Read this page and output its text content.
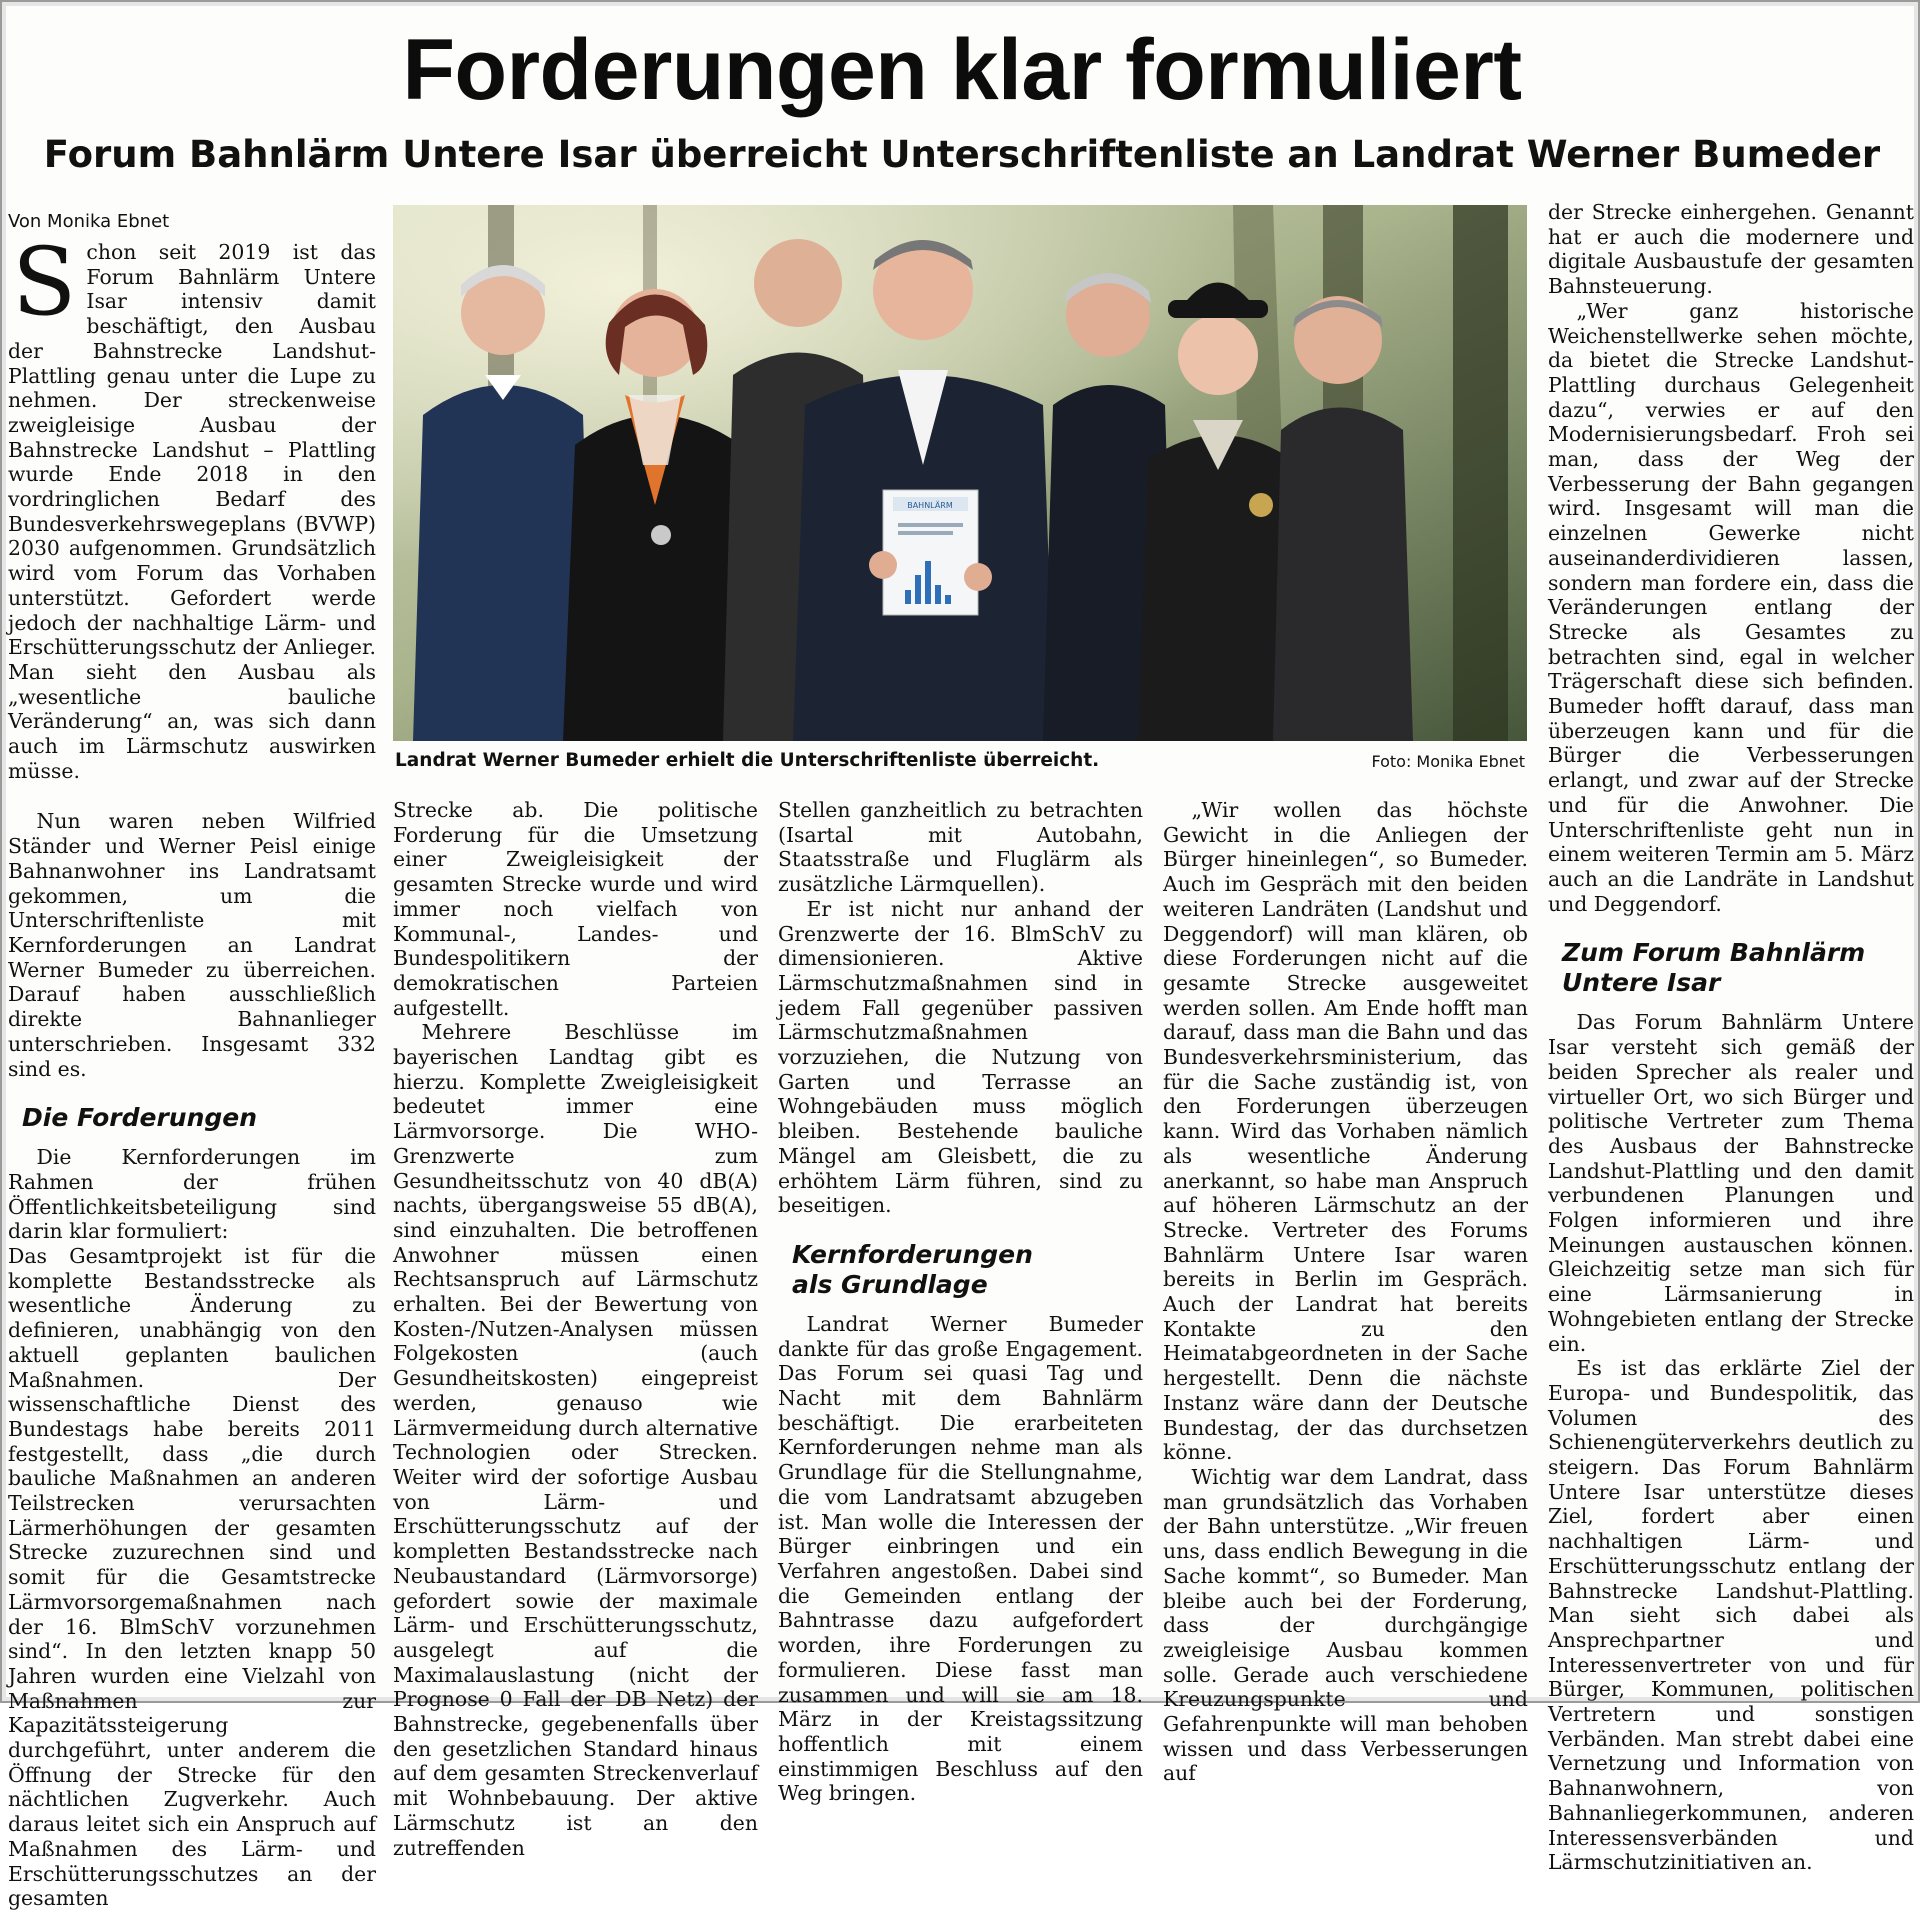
Forderungen klar formuliert
Forum Bahnlärm Untere Isar überreicht Unterschriftenliste an Landrat Werner Bumeder
Von Monika Ebnet

Schon seit 2019 ist das Forum Bahnlärm Untere Isar intensiv damit beschäftigt, den Ausbau der Bahnstrecke Landshut-Plattling genau unter die Lupe zu nehmen. Der streckenweise zweigleisige Ausbau der Bahnstrecke Landshut – Plattling wurde Ende 2018 in den vordringlichen Bedarf des Bundesverkehrswegeplans (BVWP) 2030 aufgenommen. Grundsätzlich wird vom Forum das Vorhaben unterstützt. Gefordert werde jedoch der nachhaltige Lärm- und Erschütterungsschutz der Anlieger. Man sieht den Ausbau als „wesentliche bauliche Veränderung“ an, was sich dann auch im Lärmschutz auswirken müsse.

Nun waren neben Wilfried Ständer und Werner Peisl einige Bahnanwohner ins Landratsamt gekommen, um die Unterschriftenliste mit Kernforderungen an Landrat Werner Bumeder zu überreichen. Darauf haben ausschließlich direkte Bahnanlieger unterschrieben. Insgesamt 332 sind es.

Die Forderungen

Die Kernforderungen im Rahmen der frühen Öffentlichkeitsbeteiligung sind darin klar formuliert:

Das Gesamtprojekt ist für die komplette Bestandsstrecke als wesentliche Änderung zu definieren, unabhängig von den aktuell geplanten baulichen Maßnahmen. Der wissenschaftliche Dienst des Bundestags habe bereits 2011 festgestellt, dass „die durch bauliche Maßnahmen an anderen Teilstrecken verursachten Lärmerhöhungen der gesamten Strecke zuzurechnen sind und somit für die Gesamtstrecke Lärmvorsorgemaßnahmen nach der 16. BlmSchV vorzunehmen sind“. In den letzten knapp 50 Jahren wurden eine Vielzahl von Maßnahmen zur Kapazitätssteigerung durchgeführt, unter anderem die Öffnung der Strecke für den nächtlichen Zugverkehr. Auch daraus leitet sich ein Anspruch auf Maßnahmen des Lärm- und Erschütterungsschutzes an der gesamten

BAHNLÄRM
Landrat Werner Bumeder erhielt die Unterschriftenliste überreicht.	Foto: Monika Ebnet

Strecke ab. Die politische Forderung für die Umsetzung einer Zweigleisigkeit der gesamten Strecke wurde und wird immer noch vielfach von Kommunal-, Landes- und Bundespolitikern der demokratischen Parteien aufgestellt.

Mehrere Beschlüsse im bayerischen Landtag gibt es hierzu. Komplette Zweigleisigkeit bedeutet immer eine Lärmvorsorge. Die WHO-Grenzwerte zum Gesundheitsschutz von 40 dB(A) nachts, übergangsweise 55 dB(A), sind einzuhalten. Die betroffenen Anwohner müssen einen Rechtsanspruch auf Lärmschutz erhalten. Bei der Bewertung von Kosten-/Nutzen-Analysen müssen Folgekosten (auch Gesundheitskosten) eingepreist werden, genauso wie Lärmvermeidung durch alternative Technologien oder Strecken. Weiter wird der sofortige Ausbau von Lärm- und Erschütterungsschutz auf der kompletten Bestandsstrecke nach Neubaustandard (Lärmvorsorge) gefordert sowie der maximale Lärm- und Erschütterungsschutz, ausgelegt auf die Maximalauslastung (nicht der Prognose 0 Fall der DB Netz) der Bahnstrecke, gegebenenfalls über den gesetzlichen Standard hinaus auf dem gesamten Streckenverlauf mit Wohnbebauung. Der aktive Lärmschutz ist an den zutreffenden

Stellen ganzheitlich zu betrachten (Isartal mit Autobahn, Staatsstraße und Fluglärm als zusätzliche Lärmquellen).

Er ist nicht nur anhand der Grenzwerte der 16. BlmSchV zu dimensionieren. Aktive Lärmschutzmaßnahmen sind in jedem Fall gegenüber passiven Lärmschutzmaßnahmen vorzuziehen, die Nutzung von Garten und Terrasse an Wohngebäuden muss möglich bleiben. Bestehende bauliche Mängel am Gleisbett, die zu erhöhtem Lärm führen, sind zu beseitigen.

Kernforderungen
als Grundlage

Landrat Werner Bumeder dankte für das große Engagement. Das Forum sei quasi Tag und Nacht mit dem Bahnlärm beschäftigt. Die erarbeiteten Kernforderungen nehme man als Grundlage für die Stellungnahme, die vom Landratsamt abzugeben ist. Man wolle die Interessen der Bürger einbringen und ein Verfahren angestoßen. Dabei sind die Gemeinden entlang der Bahntrasse dazu aufgefordert worden, ihre Forderungen zu formulieren. Diese fasst man zusammen und will sie am 18. März in der Kreistagssitzung hoffentlich mit einem einstimmigen Beschluss auf den Weg bringen.

„Wir wollen das höchste Gewicht in die Anliegen der Bürger hineinlegen“, so Bumeder. Auch im Gespräch mit den beiden weiteren Landräten (Landshut und Deggendorf) will man klären, ob diese Forderungen nicht auf die gesamte Strecke ausgeweitet werden sollen. Am Ende hofft man darauf, dass man die Bahn und das Bundesverkehrsministerium, das für die Sache zuständig ist, von den Forderungen überzeugen kann. Wird das Vorhaben nämlich als wesentliche Änderung anerkannt, so habe man Anspruch auf höheren Lärmschutz an der Strecke. Vertreter des Forums Bahnlärm Untere Isar waren bereits in Berlin im Gespräch. Auch der Landrat hat bereits Kontakte zu den Heimatabgeordneten in der Sache hergestellt. Denn die nächste Instanz wäre dann der Deutsche Bundestag, der das durchsetzen könne.

Wichtig war dem Landrat, dass man grundsätzlich das Vorhaben der Bahn unterstütze. „Wir freuen uns, dass endlich Bewegung in die Sache kommt“, so Bumeder. Man bleibe auch bei der Forderung, dass der durchgängige zweigleisige Ausbau kommen solle. Gerade auch verschiedene Kreuzungspunkte und Gefahrenpunkte will man behoben wissen und dass Verbesserungen auf

der Strecke einhergehen. Genannt hat er auch die modernere und digitale Ausbaustufe der gesamten Bahnsteuerung.

„Wer ganz historische Weichenstellwerke sehen möchte, da bietet die Strecke Landshut-Plattling durchaus Gelegenheit dazu“, verwies er auf den Modernisierungsbedarf. Froh sei man, dass der Weg der Verbesserung der Bahn gegangen wird. Insgesamt will man die einzelnen Gewerke nicht auseinanderdividieren lassen, sondern man fordere ein, dass die Veränderungen entlang der Strecke als Gesamtes zu betrachten sind, egal in welcher Trägerschaft diese sich befinden. Bumeder hofft darauf, dass man überzeugen kann und für die Bürger die Verbesserungen erlangt, und zwar auf der Strecke und für die Anwohner. Die Unterschriftenliste geht nun in einem weiteren Termin am 5. März auch an die Landräte in Landshut und Deggendorf.

Zum Forum Bahnlärm
Untere Isar

Das Forum Bahnlärm Untere Isar versteht sich gemäß der beiden Sprecher als realer und virtueller Ort, wo sich Bürger und politische Vertreter zum Thema des Ausbaus der Bahnstrecke Landshut-Plattling und den damit verbundenen Planungen und Folgen informieren und ihre Meinungen austauschen können. Gleichzeitig setze man sich für eine Lärmsanierung in Wohngebieten entlang der Strecke ein.

Es ist das erklärte Ziel der Europa- und Bundespolitik, das Volumen des Schienengüterverkehrs deutlich zu steigern. Das Forum Bahnlärm Untere Isar unterstütze dieses Ziel, fordert aber einen nachhaltigen Lärm- und Erschütterungsschutz entlang der Bahnstrecke Landshut-Plattling. Man sieht sich dabei als Ansprechpartner und Interessenvertreter von und für Bürger, Kommunen, politischen Vertretern und sonstigen Verbänden. Man strebt dabei eine Vernetzung und Information von Bahnanwohnern, von Bahnanliegerkommunen, anderen Interessensverbänden und Lärmschutzinitiativen an.
